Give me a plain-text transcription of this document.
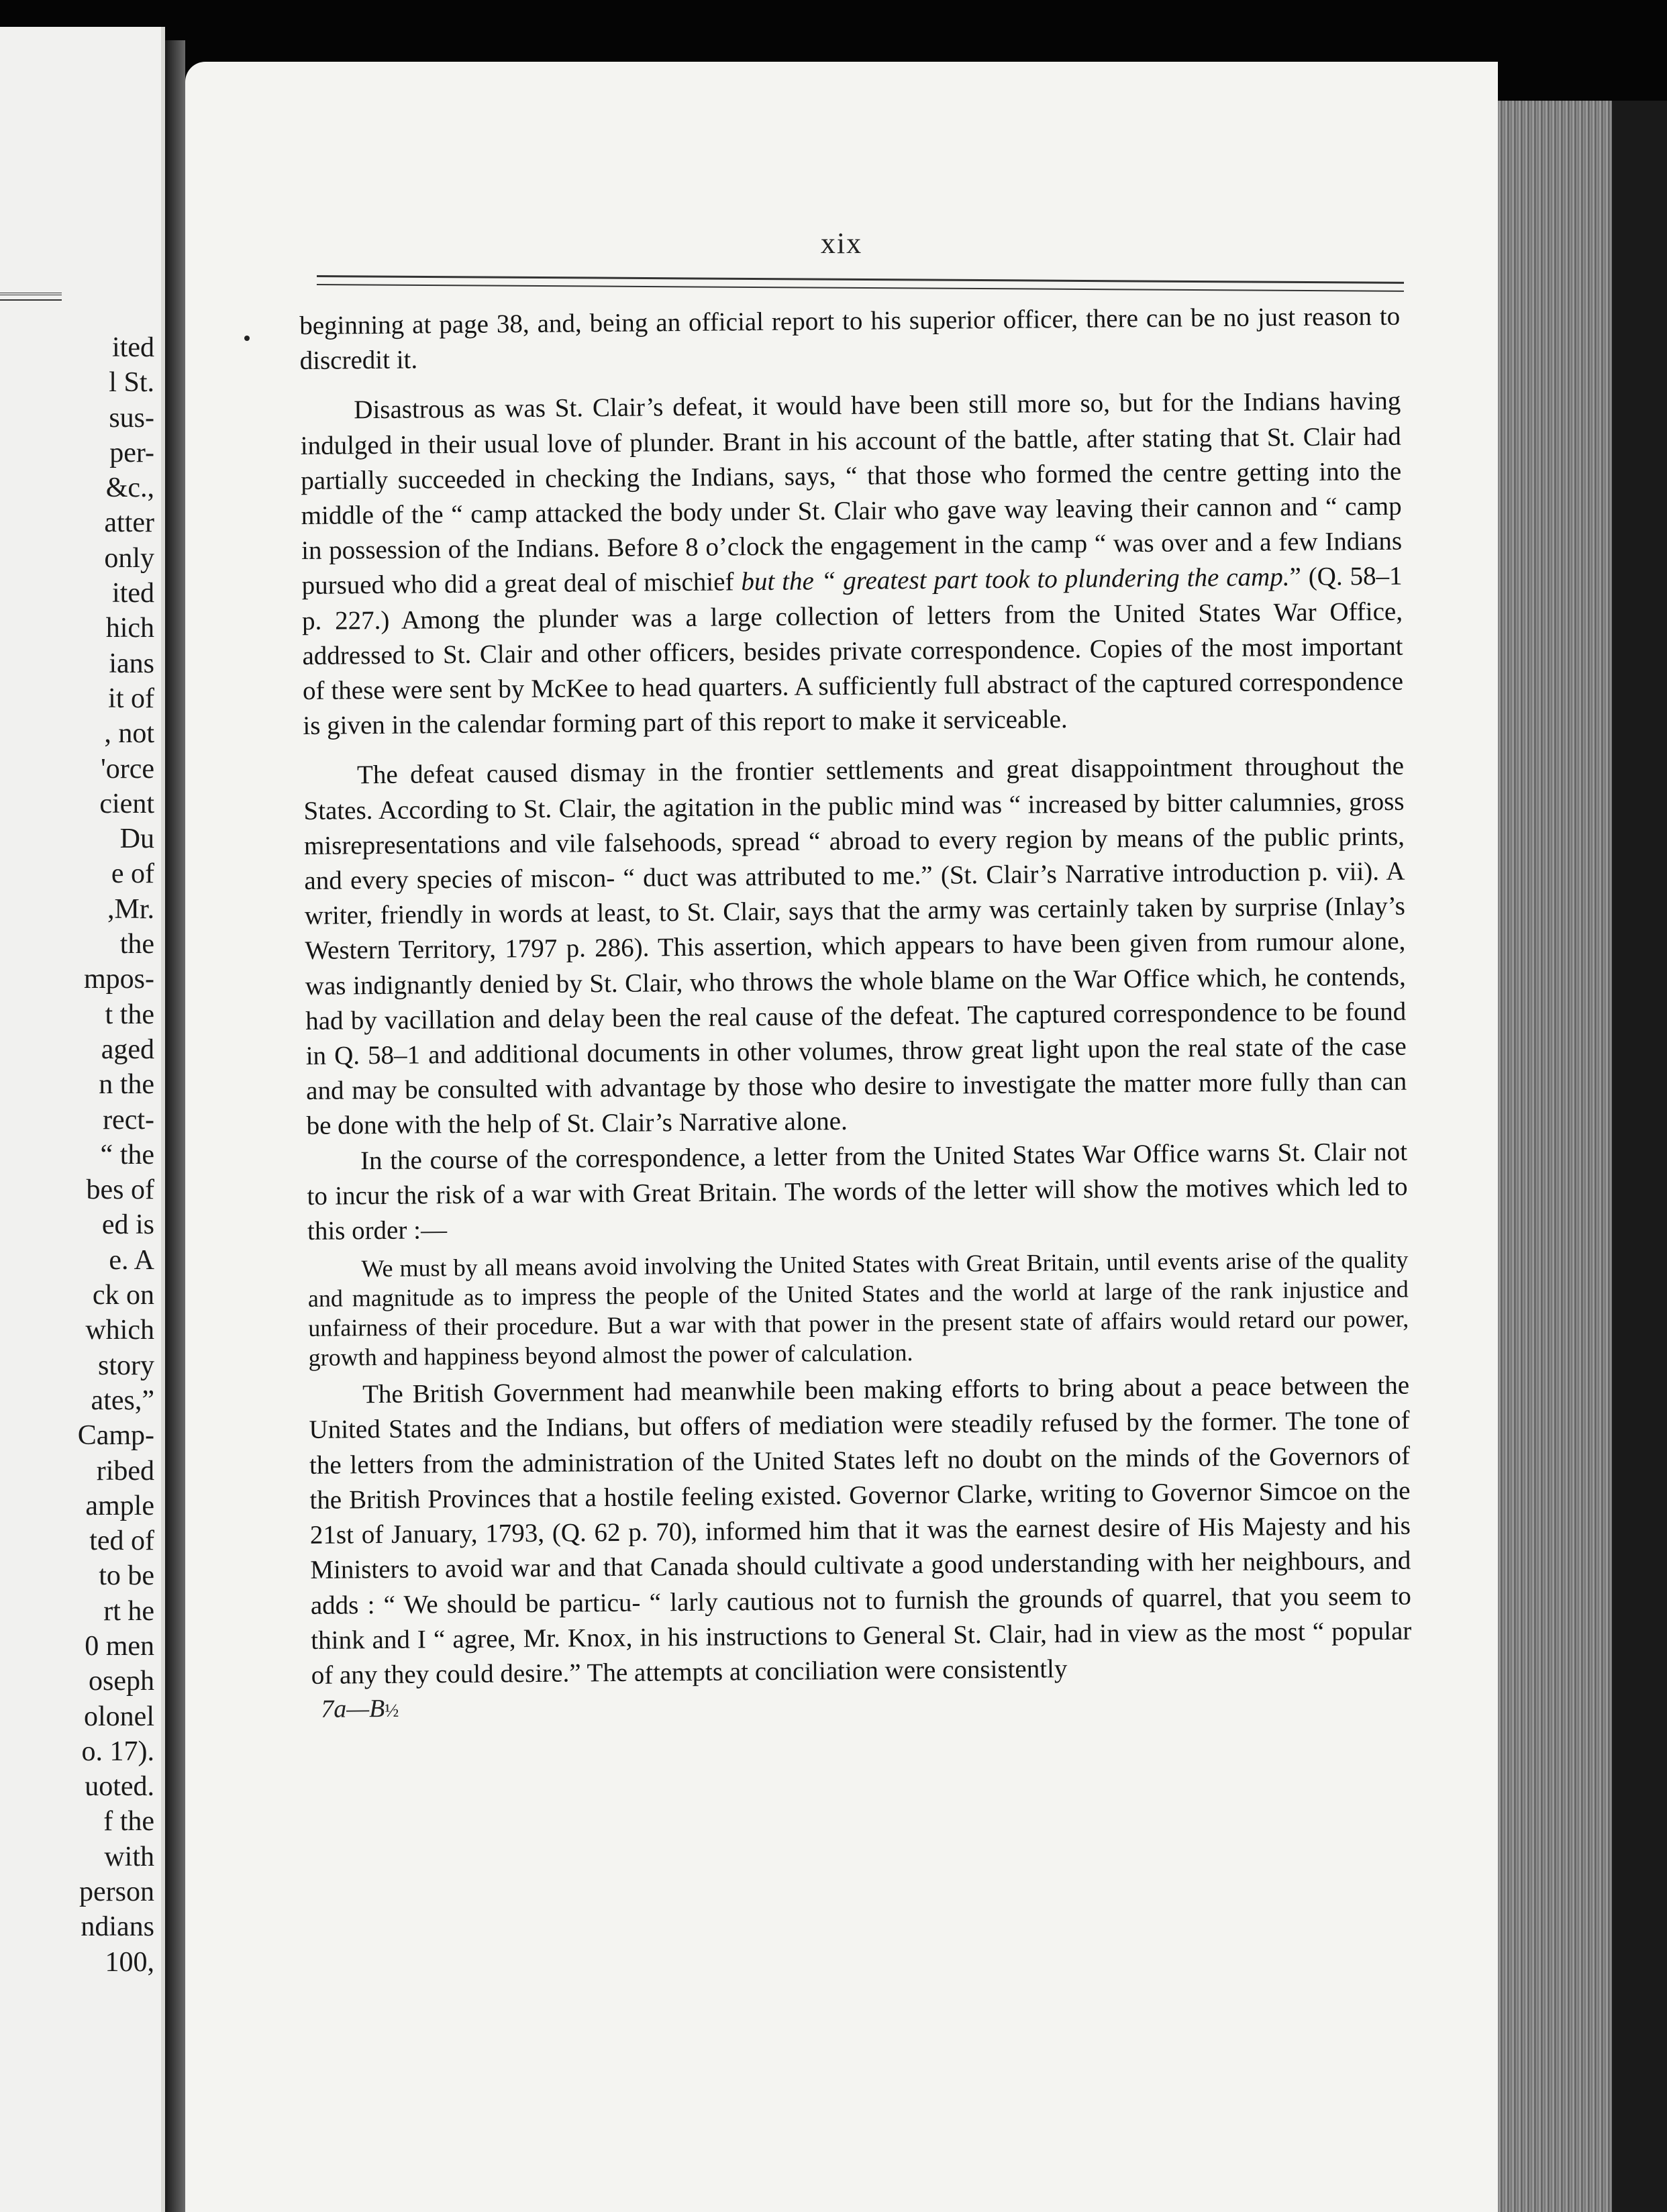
ited
l St.
sus-
per-
&c.,
atter
only
ited
hich
ians
it of
, not
'orce
cient
Du
e of
,Mr.
the
mpos-
t the
aged
n the
rect-
“ the
bes of
ed is
e. A
ck on
which
story
ates,”
Camp-
ribed
ample
ted of
to be
rt he
0 men
oseph
olonel
o. 17).
uoted.
f the
with
person
ndians
100,
xix

beginning at page 38, and, being an official report to his superior officer, there can be no just reason to discredit it.

Disastrous as was St. Clair’s defeat, it would have been still more so, but for the Indians having indulged in their usual love of plunder. Brant in his account of the battle, after stating that St. Clair had partially succeeded in checking the Indians, says, “ that those who formed the centre getting into the middle of the “ camp attacked the body under St. Clair who gave way leaving their cannon and “ camp in possession of the Indians. Before 8 o’clock the engagement in the camp “ was over and a few Indians pursued who did a great deal of mischief but the “ greatest part took to plundering the camp.” (Q. 58–1 p. 227.) Among the plunder was a large collection of letters from the United States War Office, addressed to St. Clair and other officers, besides private correspondence. Copies of the most important of these were sent by McKee to head quarters. A sufficiently full abstract of the captured correspondence is given in the calendar forming part of this report to make it serviceable.

The defeat caused dismay in the frontier settlements and great disappointment throughout the States. According to St. Clair, the agitation in the public mind was “ increased by bitter calumnies, gross misrepresentations and vile falsehoods, spread “ abroad to every region by means of the public prints, and every species of miscon- “ duct was attributed to me.” (St. Clair’s Narrative introduction p. vii). A writer, friendly in words at least, to St. Clair, says that the army was certainly taken by surprise (Inlay’s Western Territory, 1797 p. 286). This assertion, which appears to have been given from rumour alone, was indignantly denied by St. Clair, who throws the whole blame on the War Office which, he contends, had by vacillation and delay been the real cause of the defeat. The captured correspondence to be found in Q. 58–1 and additional documents in other volumes, throw great light upon the real state of the case and may be consulted with advantage by those who desire to investigate the matter more fully than can be done with the help of St. Clair’s Narrative alone.

In the course of the correspondence, a letter from the United States War Office warns St. Clair not to incur the risk of a war with Great Britain. The words of the letter will show the motives which led to this order :—

We must by all means avoid involving the United States with Great Britain, until events arise of the quality and magnitude as to impress the people of the United States and the world at large of the rank injustice and unfairness of their procedure. But a war with that power in the present state of affairs would retard our power, growth and happiness beyond almost the power of calculation.

The British Government had meanwhile been making efforts to bring about a peace between the United States and the Indians, but offers of mediation were steadily refused by the former. The tone of the letters from the administration of the United States left no doubt on the minds of the Governors of the British Provinces that a hostile feeling existed. Governor Clarke, writing to Governor Simcoe on the 21st of January, 1793, (Q. 62 p. 70), informed him that it was the earnest desire of His Majesty and his Ministers to avoid war and that Canada should cultivate a good understanding with her neighbours, and adds : “ We should be particu- “ larly cautious not to furnish the grounds of quarrel, that you seem to think and I “ agree, Mr. Knox, in his instructions to General St. Clair, had in view as the most “ popular of any they could desire.” The attempts at conciliation were consistently

7a—B½
